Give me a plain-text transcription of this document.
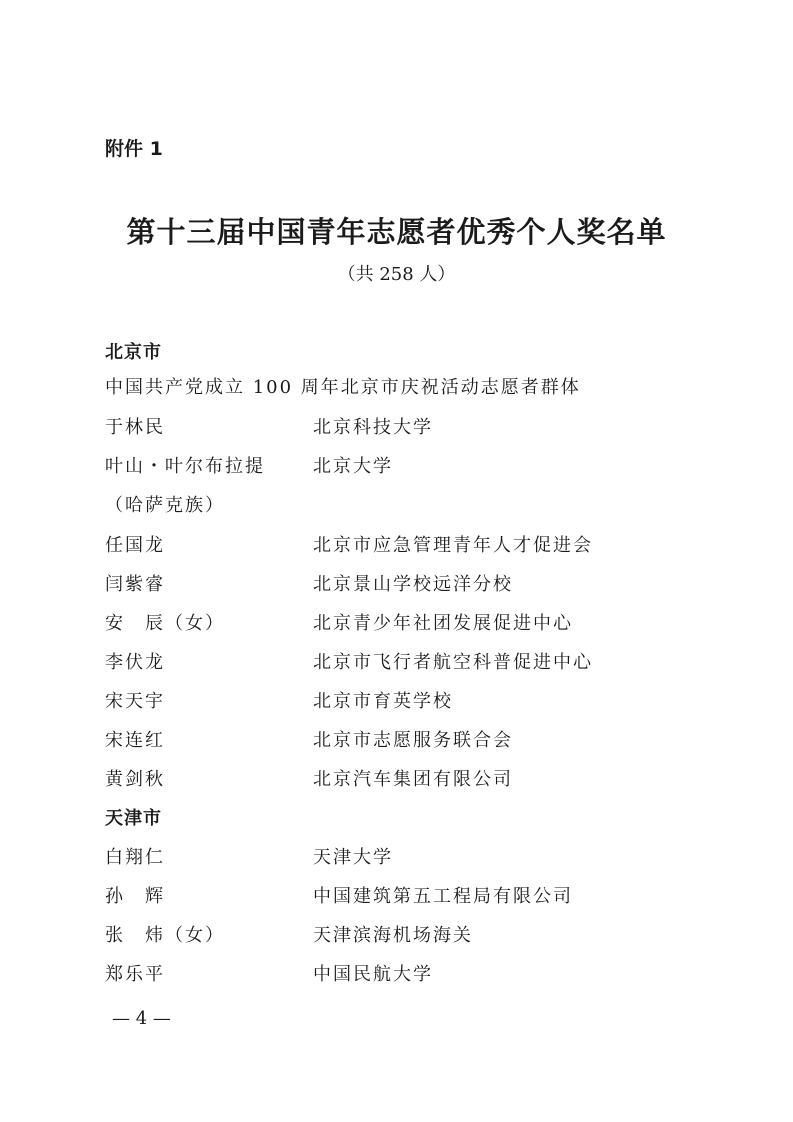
附件 1
第十三届中国青年志愿者优秀个人奖名单
（共 258 人）
北京市
中国共产党成立 100 周年北京市庆祝活动志愿者群体
于林民	北京科技大学
叶山・叶尔布拉提	北京大学
（哈萨克族）
任国龙	北京市应急管理青年人才促进会
闫紫睿	北京景山学校远洋分校
安　辰（女）	北京青少年社团发展促进中心
李伏龙	北京市飞行者航空科普促进中心
宋天宇	北京市育英学校
宋连红	北京市志愿服务联合会
黄剑秋	北京汽车集团有限公司
天津市
白翔仁	天津大学
孙　辉	中国建筑第五工程局有限公司
张　炜（女）	天津滨海机场海关
郑乐平	中国民航大学
— 4 —
